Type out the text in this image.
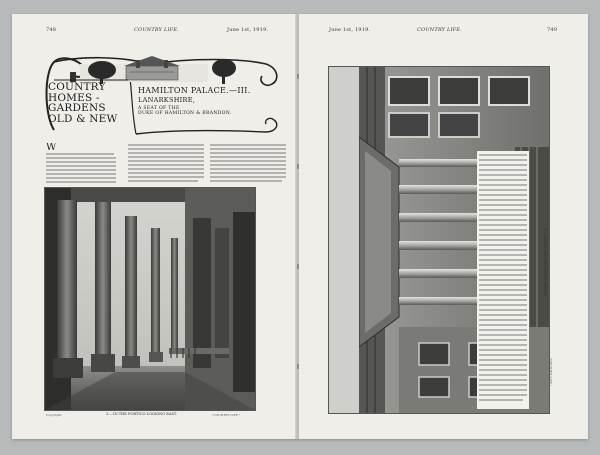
748	COUNTRY LIFE.	June 1st, 1919.
COUNTRY
HOMES -
GARDENS
OLD & NEW
HAMILTON PALACE.—III.
LANARKSHIRE,
A SEAT OF THE
DUKE OF HAMILTON & BRANDON.
W
Copyright	3.—IN THE PORTICO LOOKING EAST.	"COUNTRY LIFE."
June 1st, 1919.	COUNTRY LIFE.	749
2.—DETAIL OF THE NORTH FRONT.
"COUNTRY LIFE."
